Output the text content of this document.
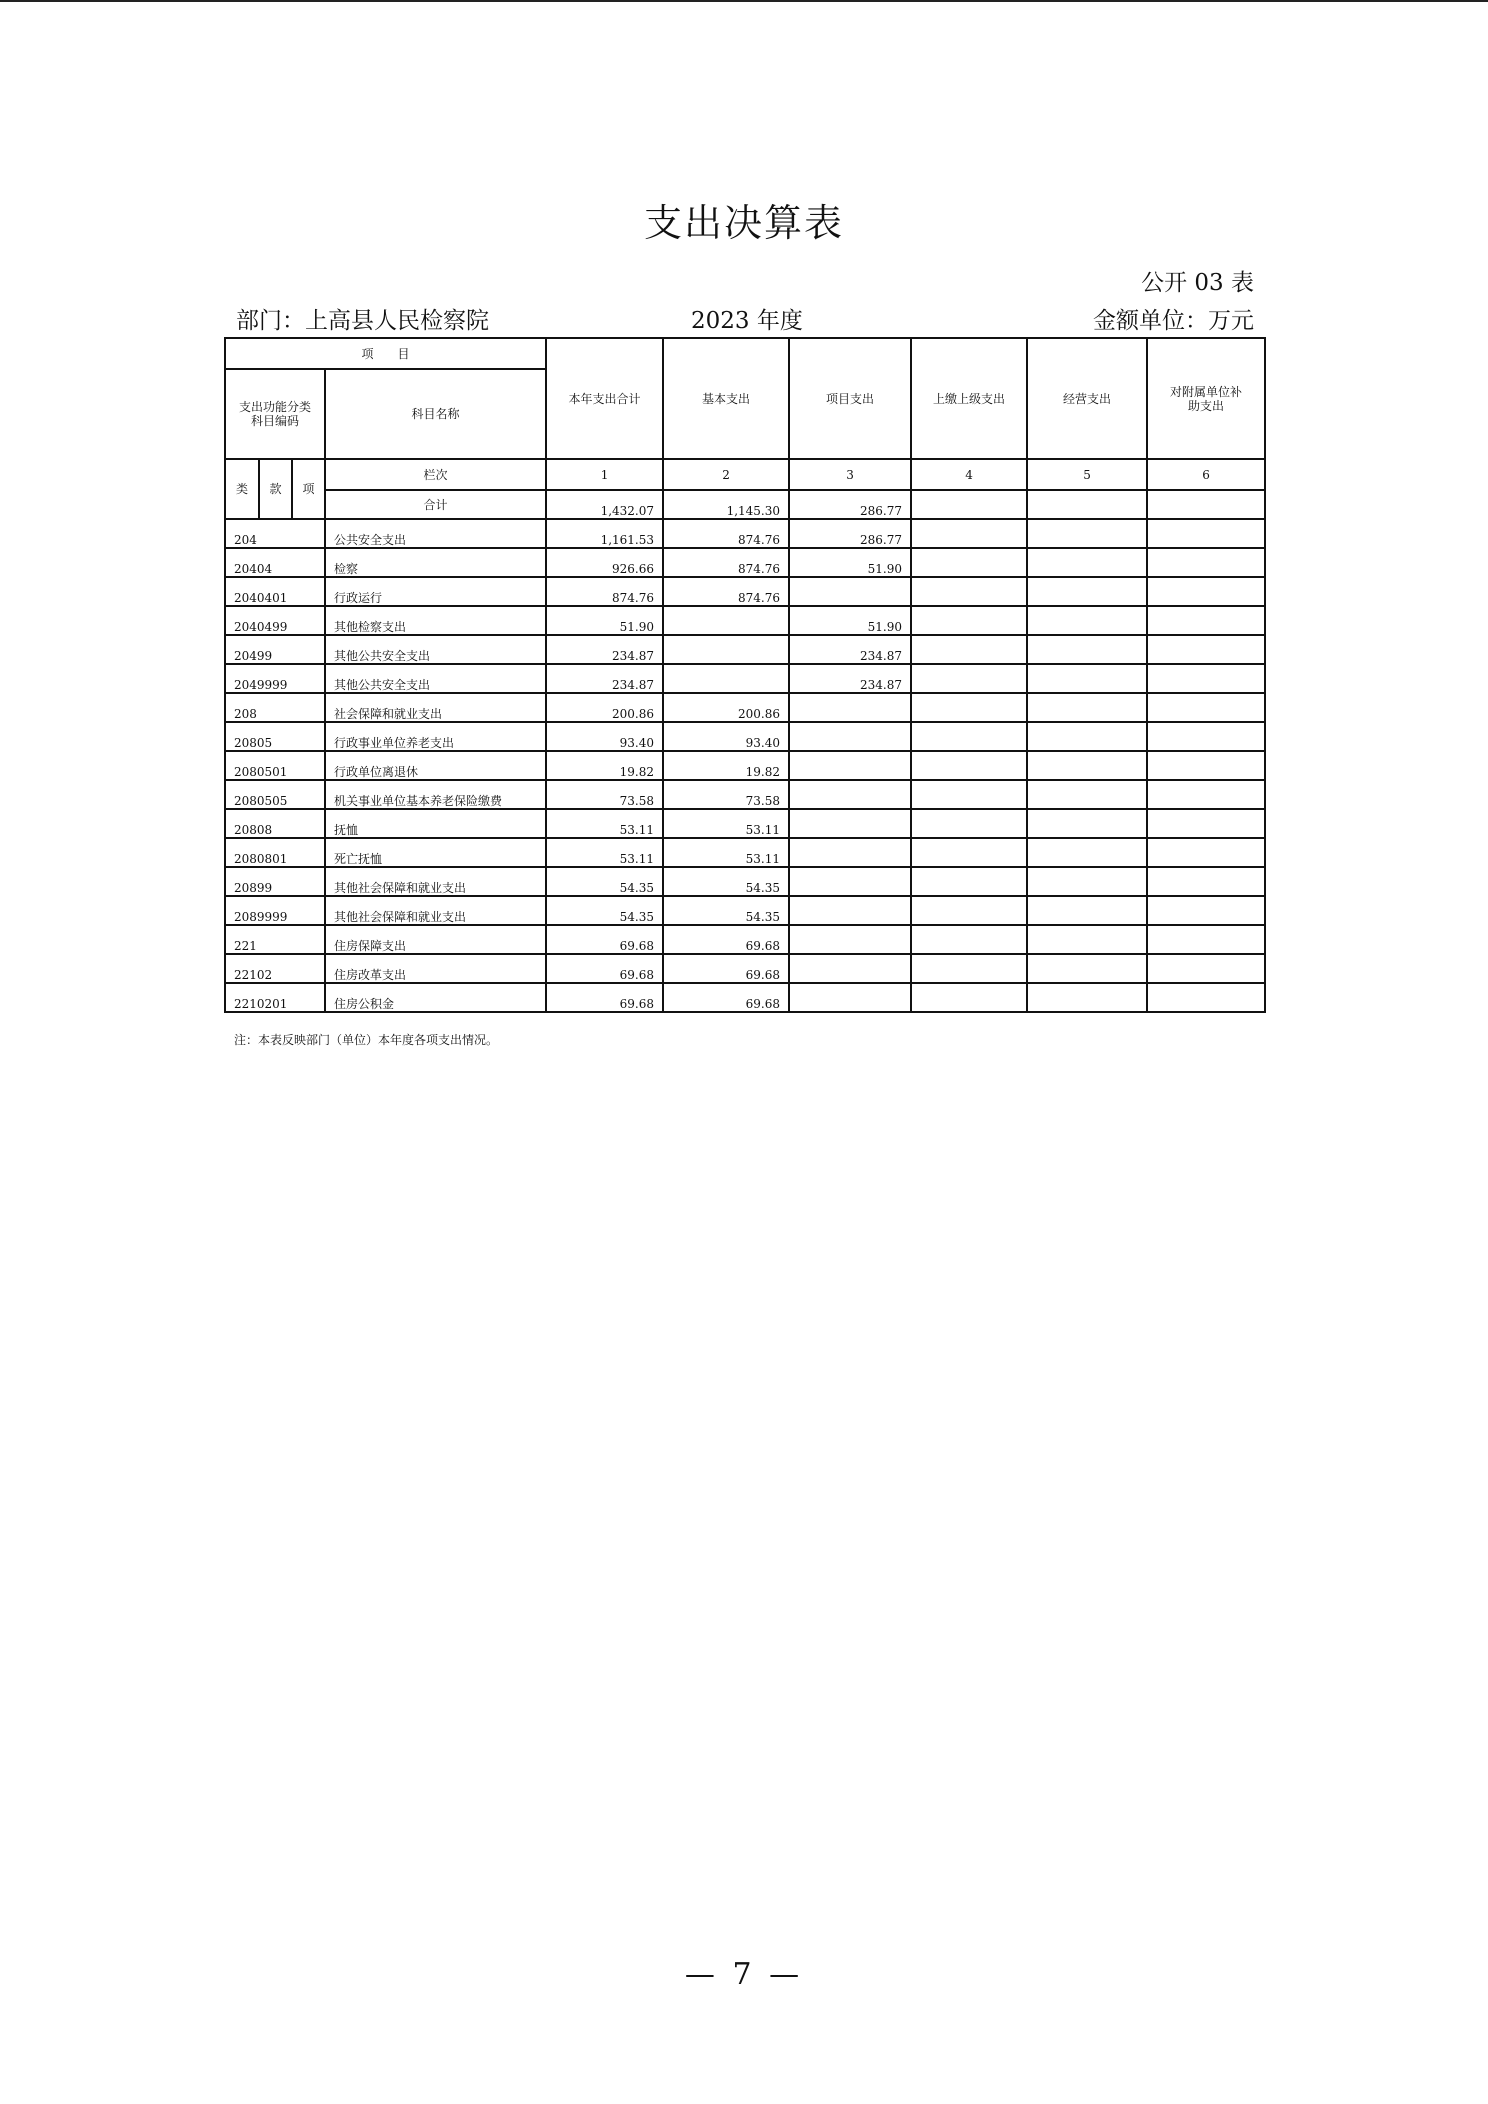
支出决算表
公开 03 表
部门：上高县人民检察院	2023 年度	金额单位：万元
项　　目				本年支出合计	基本支出	项目支出	上缴上级支出	经营支出	对附属单位补
助支出
支出功能分类
科目编码			科目名称						
类	款	项	栏次	1	2	3	4	5	6
			合计	1,432.07	1,145.30	286.77			
204			公共安全支出	1,161.53	874.76	286.77			
20404			检察	926.66	874.76	51.90			
2040401			行政运行	874.76	874.76				
2040499			其他检察支出	51.90		51.90			
20499			其他公共安全支出	234.87		234.87			
2049999			其他公共安全支出	234.87		234.87			
208			社会保障和就业支出	200.86	200.86				
20805			行政事业单位养老支出	93.40	93.40				
2080501			行政单位离退休	19.82	19.82				
2080505			机关事业单位基本养老保险缴费	73.58	73.58				
20808			抚恤	53.11	53.11				
2080801			死亡抚恤	53.11	53.11				
20899			其他社会保障和就业支出	54.35	54.35				
2089999			其他社会保障和就业支出	54.35	54.35				
221			住房保障支出	69.68	69.68				
22102			住房改革支出	69.68	69.68				
2210201			住房公积金	69.68	69.68				
注：本表反映部门（单位）本年度各项支出情况。
— 7 —
